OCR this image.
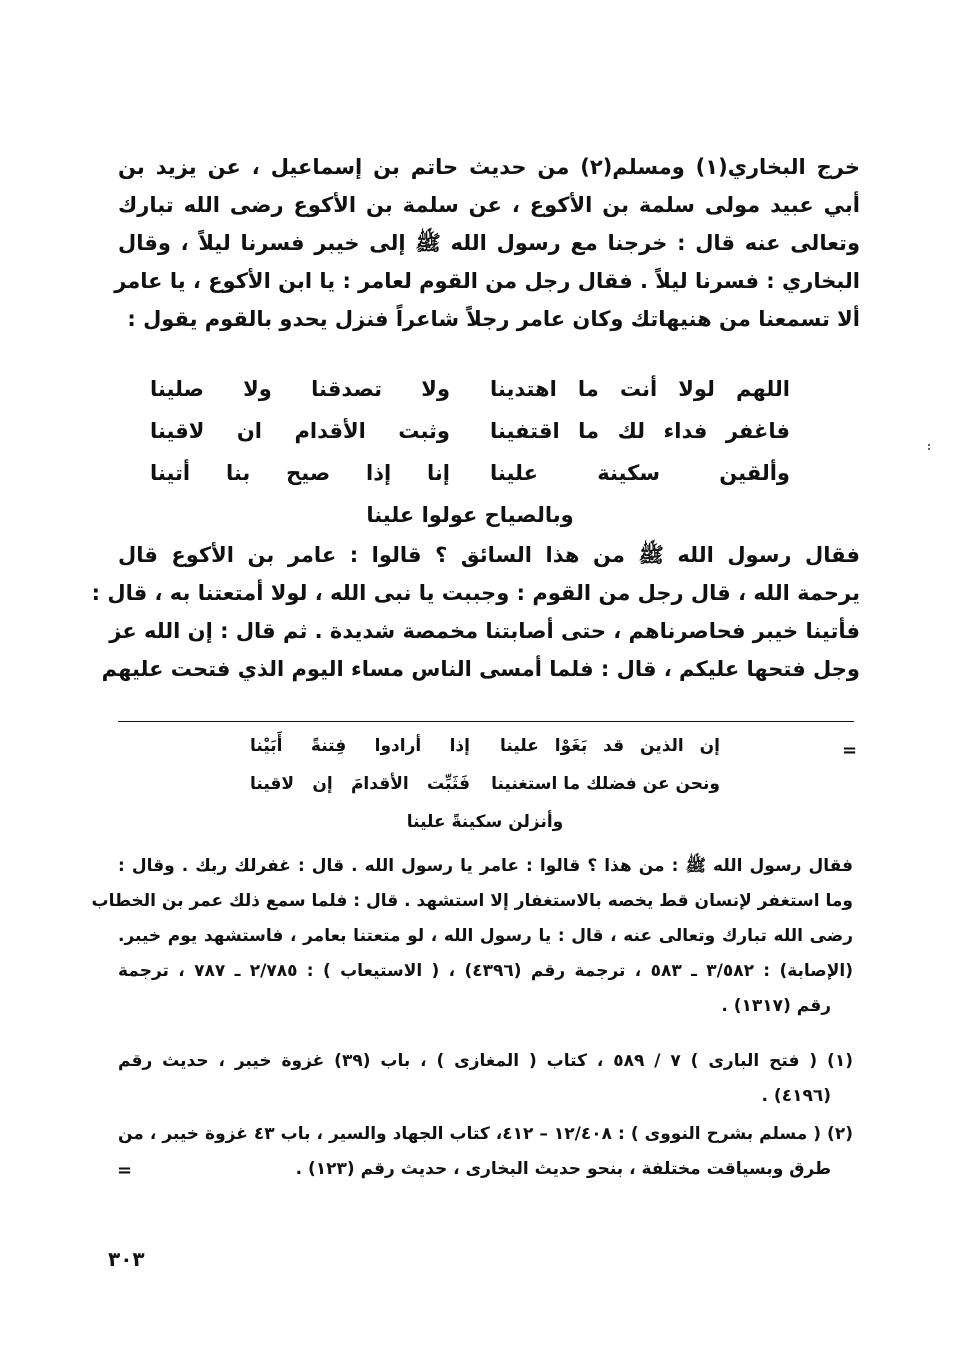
خرج البخاري(١) ومسلم(٢) من حديث حاتم بن إسماعيل ، عن يزيد بن
أبي عبيد مولى سلمة بن الأكوع ، عن سلمة بن الأكوع رضى الله تبارك
وتعالى عنه قال : خرجنا مع رسول الله ﷺ إلى خيبر فسرنا ليلاً ، وقال
البخاري : فسرنا ليلاً . فقال رجل من القوم لعامر : يا ابن الأكوع ، يا عامر
ألا تسمعنا من هنيهاتك وكان عامر رجلاً شاعراً فنزل يحدو بالقوم يقول :

اللهم لولا أنت ما اهتدينا
ولا تصدقنا ولا صلينا
فاغفر فداء لك ما اقتفينا
وثبت الأقدام ان لاقينا
وألقين سكينة علينا
إنا إذا صيح بنا أتينا
وبالصياح عولوا علينا

فقال رسول الله ﷺ من هذا السائق ؟ قالوا : عامر بن الأكوع قال
يرحمة الله ، قال رجل من القوم : وجببت يا نبى الله ، لولا أمتعتنا به ، قال :
فأتينا خيبر فحاصرناهم ، حتى أصابتنا مخمصة شديدة . ثم قال : إن الله عز
وجل فتحها عليكم ، قال : فلما أمسى الناس مساء اليوم الذي فتحت عليهم

=
إن الذين قد بَغَوْا علينا
إذا أرادوا فِتنةً أَبَيْنا
ونحن عن فضلك ما استغنينا
فَثَبِّت الأقدامَ إن لاقينا
وأنزلن سكينةً علينا

فقال رسول الله ﷺ : من هذا ؟ قالوا : عامر يا رسول الله . قال : غفرلك ربك . وقال :
وما استغفر لإنسان قط يخصه بالاستغفار إلا استشهد . قال : فلما سمع ذلك عمر بن الخطاب
رضى الله تبارك وتعالى عنه ، قال : يا رسول الله ، لو متعتنا بعامر ، فاستشهد يوم خيبر.
(الإصابة) : ٣/٥٨٢ ـ ٥٨٣ ، ترجمة رقم (٤٣٩٦) ، ( الاستيعاب ) : ٢/٧٨٥ ـ ٧٨٧ ، ترجمة
رقم (١٣١٧) .

(١) ( فتح البارى ) ٧ / ٥٨٩ ، كتاب ( المغازى ) ، باب (٣٩) غزوة خيبر ، حديث رقم
(٤١٩٦) .

(٢) ( مسلم بشرح النووى ) : ١٢/٤٠٨ – ٤١٢، كتاب الجهاد والسير ، باب ٤٣ غزوة خيبر ، من
طرق وبسياقت مختلفة ، بنحو حديث البخارى ، حديث رقم (١٢٣) .

=
٣٠٣
